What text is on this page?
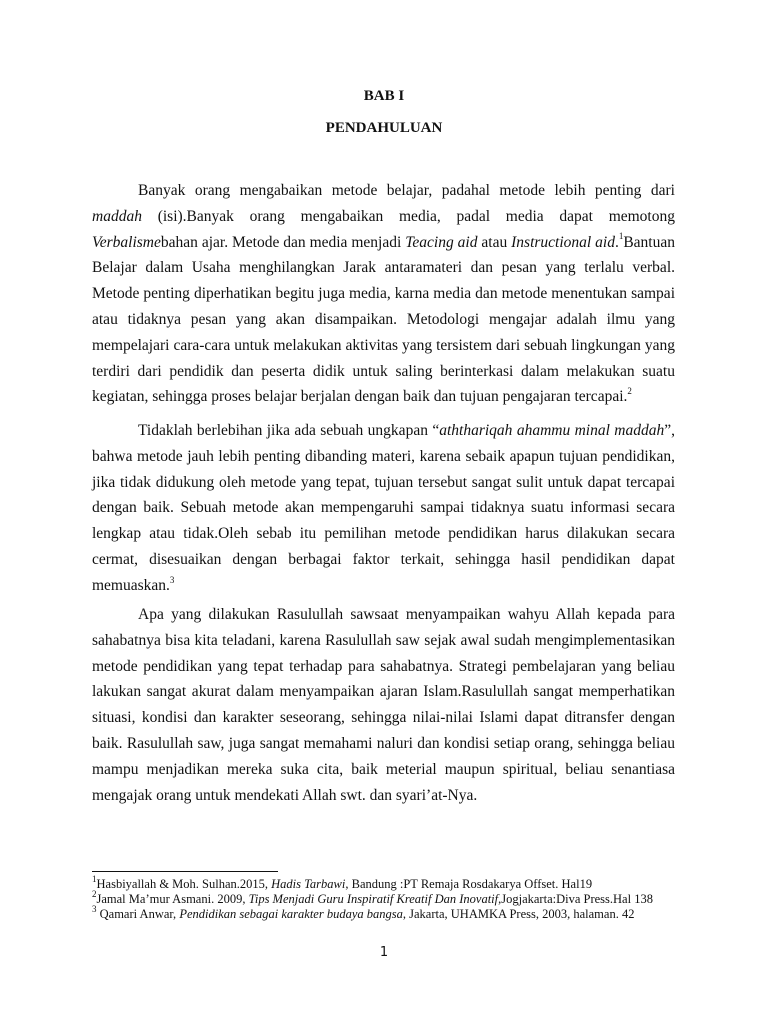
BAB I
PENDAHULUAN

Banyak orang mengabaikan metode belajar, padahal metode lebih penting dari maddah (isi).Banyak orang mengabaikan media, padal media dapat memotong Verbalismebahan ajar. Metode dan media menjadi Teacing aid atau Instructional aid.$^1$Bantuan Belajar dalam Usaha menghilangkan Jarak antaramateri dan pesan yang terlalu verbal. Metode penting diperhatikan begitu juga media, karna media dan metode menentukan sampai atau tidaknya pesan yang akan disampaikan. Metodologi mengajar adalah ilmu yang mempelajari cara-cara untuk melakukan aktivitas yang tersistem dari sebuah lingkungan yang terdiri dari pendidik dan peserta didik untuk saling berinterkasi dalam melakukan suatu kegiatan, sehingga proses belajar berjalan dengan baik dan tujuan pengajaran tercapai.$^2$

Tidaklah berlebihan jika ada sebuah ungkapan “ aththariqah ahammu minal maddah ” , bahwa metode jauh lebih penting dibanding materi, karena sebaik apapun tujuan pendidikan, jika tidak didukung oleh metode yang tepat, tujuan tersebut sangat sulit untuk dapat tercapai dengan baik. Sebuah metode akan mempengaruhi sampai tidaknya suatu informasi secara lengkap atau tidak.Oleh sebab itu pemilihan metode pendidikan harus dilakukan secara cermat, disesuaikan dengan berbagai faktor terkait, sehingga hasil pendidikan dapat memuaskan.$^3$

Apa yang dilakukan Rasulullah sawsaat menyampaikan wahyu Allah kepada para sahabatnya bisa kita teladani, karena Rasulullah saw sejak awal sudah mengimplementasikan metode pendidikan yang tepat terhadap para sahabatnya. Strategi pembelajaran yang beliau lakukan sangat akurat dalam menyampaikan ajaran Islam.Rasulullah sangat memperhatikan situasi, kondisi dan karakter seseorang, sehingga nilai-nilai Islami dapat ditransfer dengan baik. Rasulullah saw, juga sangat memahami naluri dan kondisi setiap orang, sehingga beliau mampu menjadikan mereka suka cita, baik meterial maupun spiritual, beliau senantiasa mengajak orang untuk mendekati Allah swt. dan syari’at-Nya.

$^1$Hasbiyallah & Moh. Sulhan.2015, Hadis Tarbawi, Bandung :PT Remaja Rosdakarya Offset. Hal19

$^2$Jamal Ma’mur Asmani. 2009, Tips Menjadi Guru Inspiratif Kreatif Dan Inovatif,Jogjakarta:Diva Press.Hal 138

$^3$ Qamari Anwar, Pendidikan sebagai karakter budaya bangsa, Jakarta, UHAMKA Press, 2003, halaman. 42

1
